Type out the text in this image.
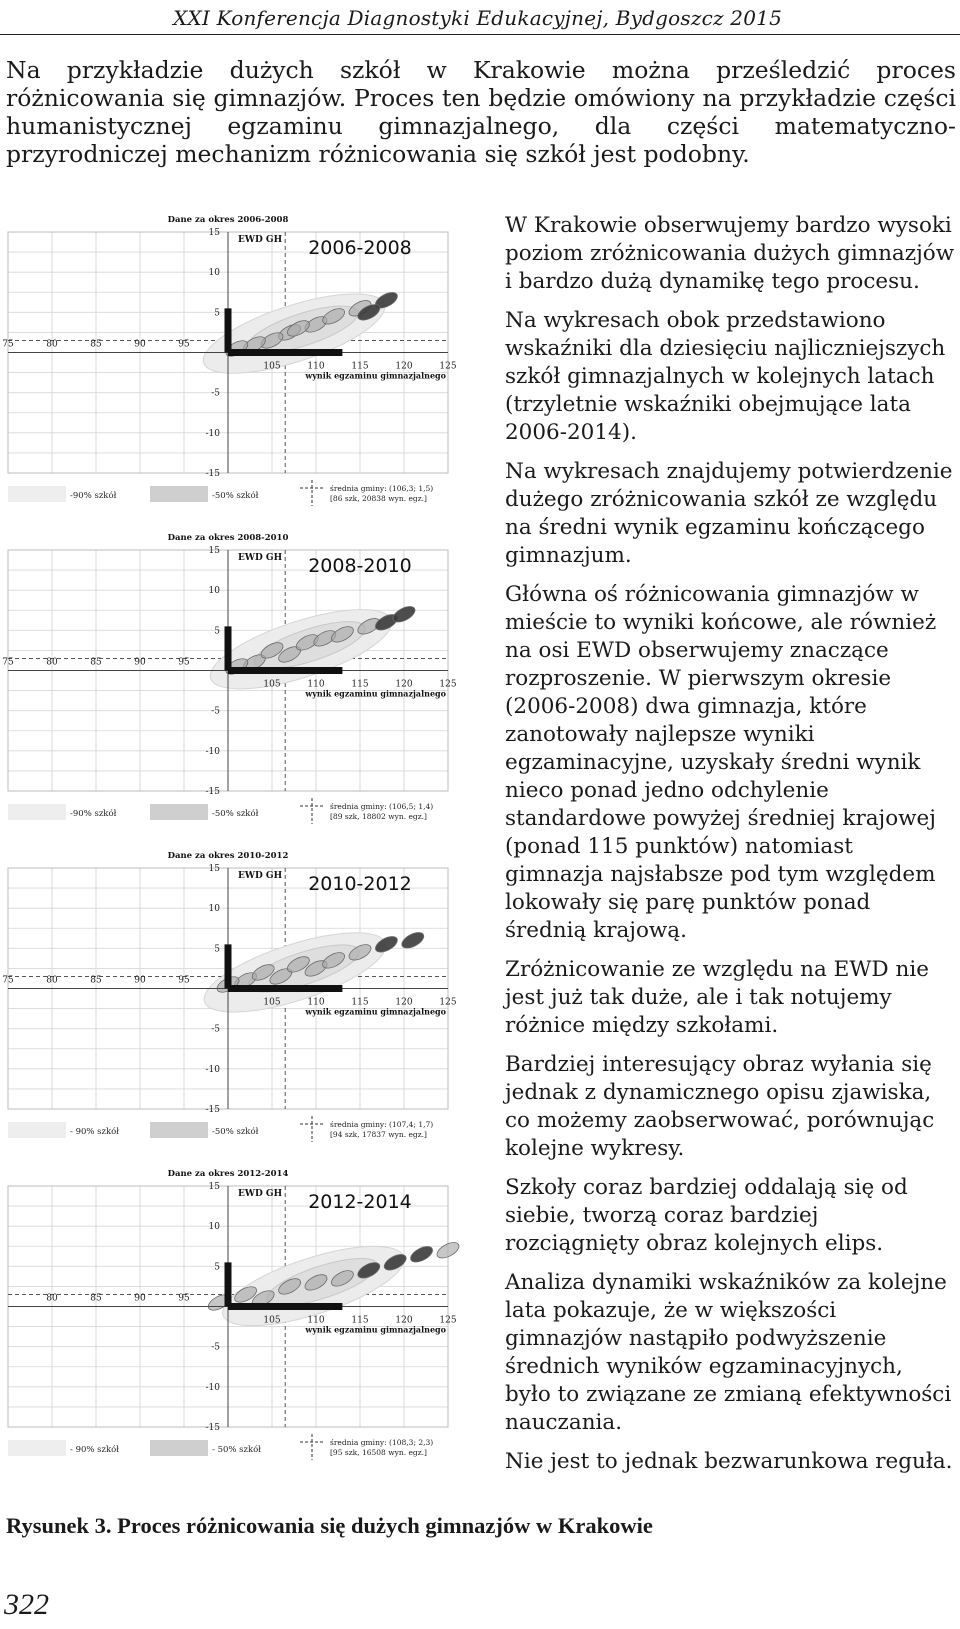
XXI Konferencja Diagnostyki Edukacyjnej, Bydgoszcz 2015
Na przykładzie dużych szkół w Krakowie można prześledzić proces różnicowania się gimnazjów. Proces ten będzie omówiony na przykładzie części humanistycznej egzaminu gimnazjalnego, dla części matematyczno-przyrodniczej mechanizm różnicowania się szkół jest podobny.
75	80	85	90	95
105	110	115	120	125
15
10
5
-5
-10
-15
Dane za okres 2006-2008
EWD GH
wynik egzaminu gimnazjalnego
2006-2008
-90% szkół	-50% szkół
średnia gminy: (106,3; 1,5)
[86 szk, 20838 wyn. egz.]
75	80	85	90	95
105	110	115	120	125
15
10
5
-5
-10
-15
Dane za okres 2008-2010
EWD GH
wynik egzaminu gimnazjalnego
2008-2010
-90% szkół	-50% szkół
średnia gminy: (106,5; 1,4)
[89 szk, 18802 wyn. egz.]
75	80	85	90	95
105	110	115	120	125
15
10
5
-5
-10
-15
Dane za okres 2010-2012
EWD GH
wynik egzaminu gimnazjalnego
2010-2012
- 90% szkół	-50% szkół
średnia gminy: (107,4; 1,7)
[94 szk, 17837 wyn. egz.]
80	85	90	95
105	110	115	120	125
15
10
5
-5
-10
-15
Dane za okres 2012-2014
EWD GH
wynik egzaminu gimnazjalnego
2012-2014
- 90% szkół	- 50% szkół
średnia gminy: (108,3; 2,3)
[95 szk, 16508 wyn. egz.]

W Krakowie obserwujemy bardzo wysoki poziom zróżnicowania dużych gimnazjów i bardzo dużą dynamikę tego procesu.

Na wykresach obok przedstawiono wskaźniki dla dziesięciu najliczniejszych szkół gimnazjalnych w kolejnych latach (trzyletnie wskaźniki obejmujące lata 2006-2014).

Na wykresach znajdujemy potwierdzenie dużego zróżnicowania szkół ze względu na średni wynik egzaminu kończącego gimnazjum.

Główna oś różnicowania gimnazjów w mieście to wyniki końcowe, ale również na osi EWD obserwujemy znaczące rozproszenie. W pierwszym okresie (2006-2008) dwa gimnazja, które zanotowały najlepsze wyniki egzaminacyjne, uzyskały średni wynik nieco ponad jedno odchylenie standardowe powyżej średniej krajowej (ponad 115 punktów) natomiast gimnazja najsłabsze pod tym względem lokowały się parę punktów ponad średnią krajową.

Zróżnicowanie ze względu na EWD nie jest już tak duże, ale i tak notujemy różnice między szkołami.

Bardziej interesujący obraz wyłania się jednak z dynamicznego opisu zjawiska, co możemy zaobserwować, porównując kolejne wykresy.

Szkoły coraz bardziej oddalają się od siebie, tworzą coraz bardziej rozciągnięty obraz kolejnych elips.

Analiza dynamiki wskaźników za kolejne lata pokazuje, że w większości gimnazjów nastąpiło podwyższenie średnich wyników egzaminacyjnych, było to związane ze zmianą efektywności nauczania.

Nie jest to jednak bezwarunkowa reguła.

Rysunek 3. Proces różnicowania się dużych gimnazjów w Krakowie
322
